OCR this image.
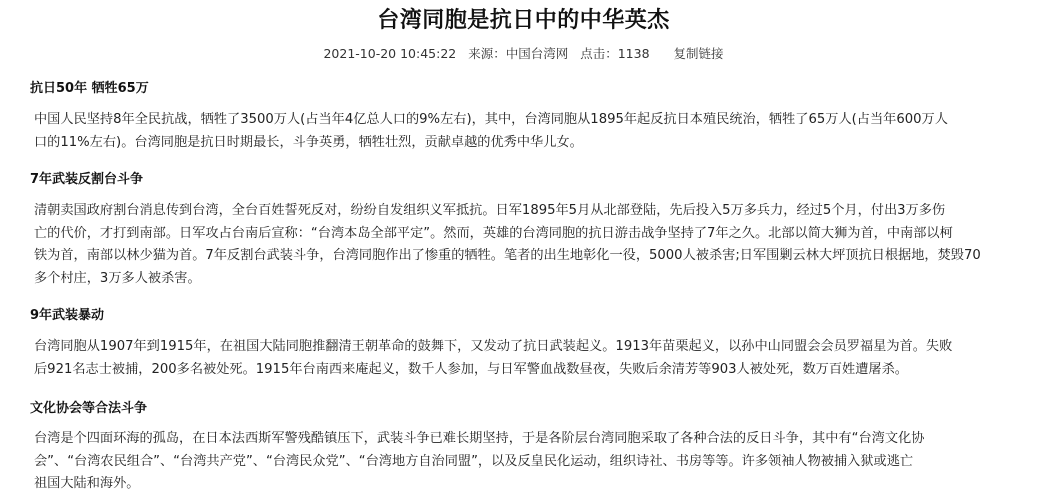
台湾同胞是抗日中的中华英杰
2021-10-20 10:45:22 来源：中国台湾网 点击：1138 复制链接
抗日50年 牺牲65万
中国人民坚持8年全民抗战，牺牲了3500万人(占当年4亿总人口的9%左右)，其中，台湾同胞从1895年起反抗日本殖民统治，牺牲了65万人(占当年600万人
口的11%左右)。台湾同胞是抗日时期最长，斗争英勇，牺牲壮烈，贡献卓越的优秀中华儿女。
7年武装反割台斗争
清朝卖国政府割台消息传到台湾，全台百姓誓死反对，纷纷自发组织义军抵抗。日军1895年5月从北部登陆，先后投入5万多兵力，经过5个月，付出3万多伤
亡的代价，才打到南部。日军攻占台南后宣称：“台湾本岛全部平定”。然而，英雄的台湾同胞的抗日游击战争坚持了7年之久。北部以简大狮为首，中南部以柯
铁为首，南部以林少猫为首。7年反割台武装斗争，台湾同胞作出了惨重的牺牲。笔者的出生地彰化一役，5000人被杀害;日军围剿云林大坪顶抗日根据地，焚毁70
多个村庄，3万多人被杀害。
9年武装暴动
台湾同胞从1907年到1915年，在祖国大陆同胞推翻清王朝革命的鼓舞下，又发动了抗日武装起义。1913年苗栗起义，以孙中山同盟会会员罗福星为首。失败
后921名志士被捕，200多名被处死。1915年台南西来庵起义，数千人参加，与日军警血战数昼夜，失败后余清芳等903人被处死，数万百姓遭屠杀。
文化协会等合法斗争
台湾是个四面环海的孤岛，在日本法西斯军警残酷镇压下，武装斗争已难长期坚持，于是各阶层台湾同胞采取了各种合法的反日斗争，其中有“台湾文化协
会”、“台湾农民组合”、“台湾共产党”、“台湾民众党”、“台湾地方自治同盟”，以及反皇民化运动，组织诗社、书房等等。许多领袖人物被捕入狱或逃亡
祖国大陆和海外。
